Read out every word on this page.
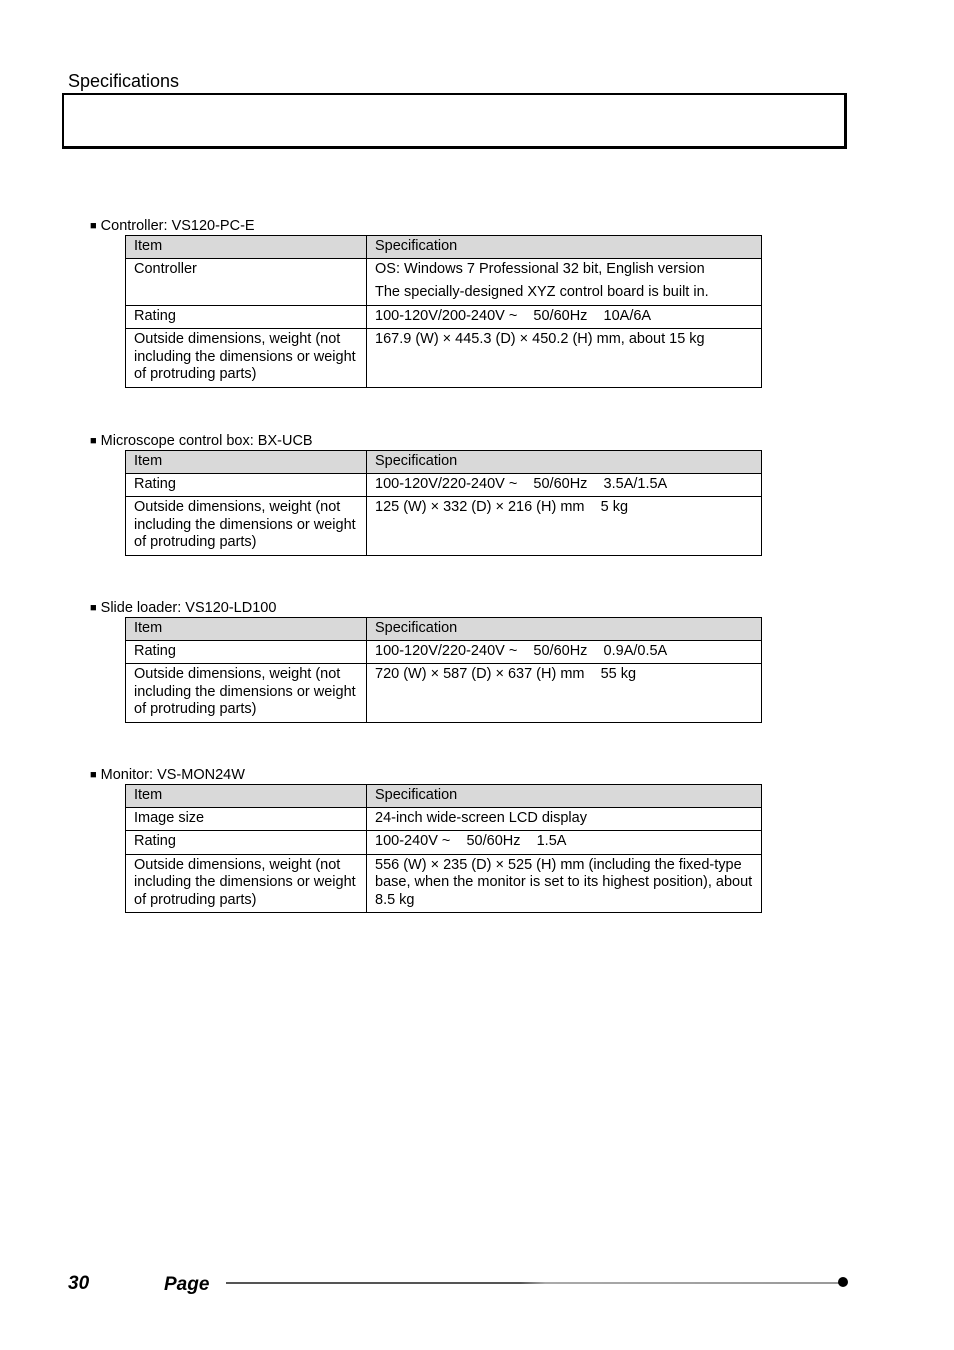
Specifications
■ Controller: VS120-PC-E
Item	Specification
Controller	OS: Windows 7 Professional 32 bit, English version
The specially-designed XYZ control board is built in.

Rating	100-120V/200-240V ~    50/60Hz    10A/6A

Outside dimensions, weight (not including the dimensions or weight of protruding parts)	167.9 (W) × 445.3 (D) × 450.2 (H) mm, about 15 kg
■ Microscope control box: BX-UCB
Item	Specification
Rating	100-120V/220-240V ~    50/60Hz    3.5A/1.5A

Outside dimensions, weight (not including the dimensions or weight of protruding parts)	125 (W) × 332 (D) × 216 (H) mm    5 kg
■ Slide loader: VS120-LD100
Item	Specification
Rating	100-120V/220-240V ~    50/60Hz    0.9A/0.5A

Outside dimensions, weight (not including the dimensions or weight of protruding parts)	720 (W) × 587 (D) × 637 (H) mm    55 kg
■ Monitor: VS-MON24W
Item	Specification
Image size	24-inch wide-screen LCD display

Rating	100-240V ~    50/60Hz    1.5A

Outside dimensions, weight (not including the dimensions or weight of protruding parts)	556 (W) × 235 (D) × 525 (H) mm (including the fixed-type base, when the monitor is set to its highest position), about 8.5 kg
30	Page
